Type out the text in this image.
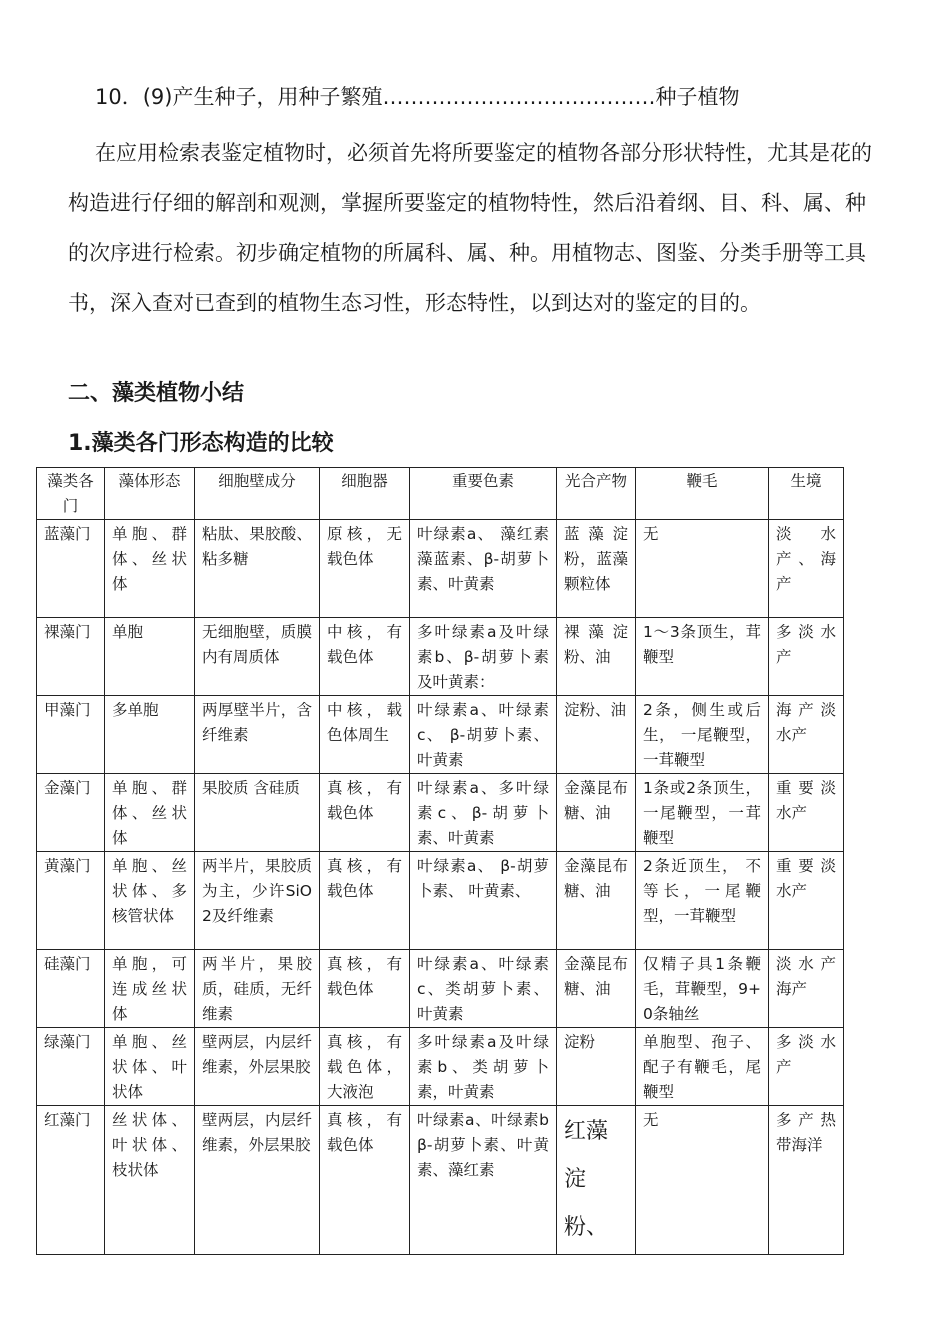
10．(9)产生种子，用种子繁殖…………………………………种子植物

在应用检索表鉴定植物时，必须首先将所要鉴定的植物各部分形状特性，尤其是花的构造进行仔细的解剖和观测，掌握所要鉴定的植物特性，然后沿着纲、目、科、属、种的次序进行检索。初步确定植物的所属科、属、种。用植物志、图鉴、分类手册等工具书，深入查对已查到的植物生态习性，形态特性，以到达对的鉴定的目的。

二、藻类植物小结
1.藻类各门形态构造的比较
藻类各门	藻体形态	细胞壁成分	细胞器	重要色素	光合产物	鞭毛	生境
蓝藻门	单胞、群体、丝状体	粘肽、果胶酸、粘多糖	原核，无载色体	叶绿素a、 藻红素藻蓝素、β-胡萝卜素、叶黄素	蓝藻淀粉，蓝藻颗粒体	无	淡 水产、海产
裸藻门	单胞	无细胞壁，质膜内有周质体	中核，有载色体	多叶绿素a及叶绿素b、β-胡萝卜素及叶黄素：	裸藻淀粉、油	1～3条顶生，茸鞭型	多淡水产
甲藻门	多单胞	两厚壁半片，含纤维素	中核，载色体周生	叶绿素a、叶绿素c、 β-胡萝卜素、叶黄素	淀粉、油	2条，侧生或后生， 一尾鞭型，一茸鞭型	海产淡水产
金藻门	单胞、群体、丝状体	果胶质 含硅质	真核，有载色体	叶绿素a、多叶绿素c、β-胡萝卜素、叶黄素	金藻昆布糖、油	1条或2条顶生， 一尾鞭型，一茸鞭型	重要淡水产
黄藻门	单胞、丝状体、多核管状体	两半片，果胶质为主，少许SiO2及纤维素	真核，有载色体	叶绿素a、 β-胡萝卜素、 叶黄素、	金藻昆布糖、油	2条近顶生， 不等长，一尾鞭型，一茸鞭型	重要淡水产
硅藻门	单胞，可连成丝状体	两半片，果胶质，硅质，无纤维素	真核，有载色体	叶绿素a、叶绿素c、类胡萝卜素、叶黄素	金藻昆布糖、油	仅精子具1条鞭毛，茸鞭型，9+0条轴丝	淡水产海产
绿藻门	单胞、丝状体、叶状体	壁两层，内层纤维素，外层果胶	真核，有载色体，大液泡	多叶绿素a及叶绿素b、类胡萝卜素，叶黄素	淀粉	单胞型、孢子、配子有鞭毛，尾鞭型	多淡水产
红藻门	丝状体、叶状体、枝状体	壁两层，内层纤维素，外层果胶	真核，有载色体	叶绿素a、叶绿素bβ-胡萝卜素、叶黄素、藻红素	红藻淀粉、	无	多产热带海洋
